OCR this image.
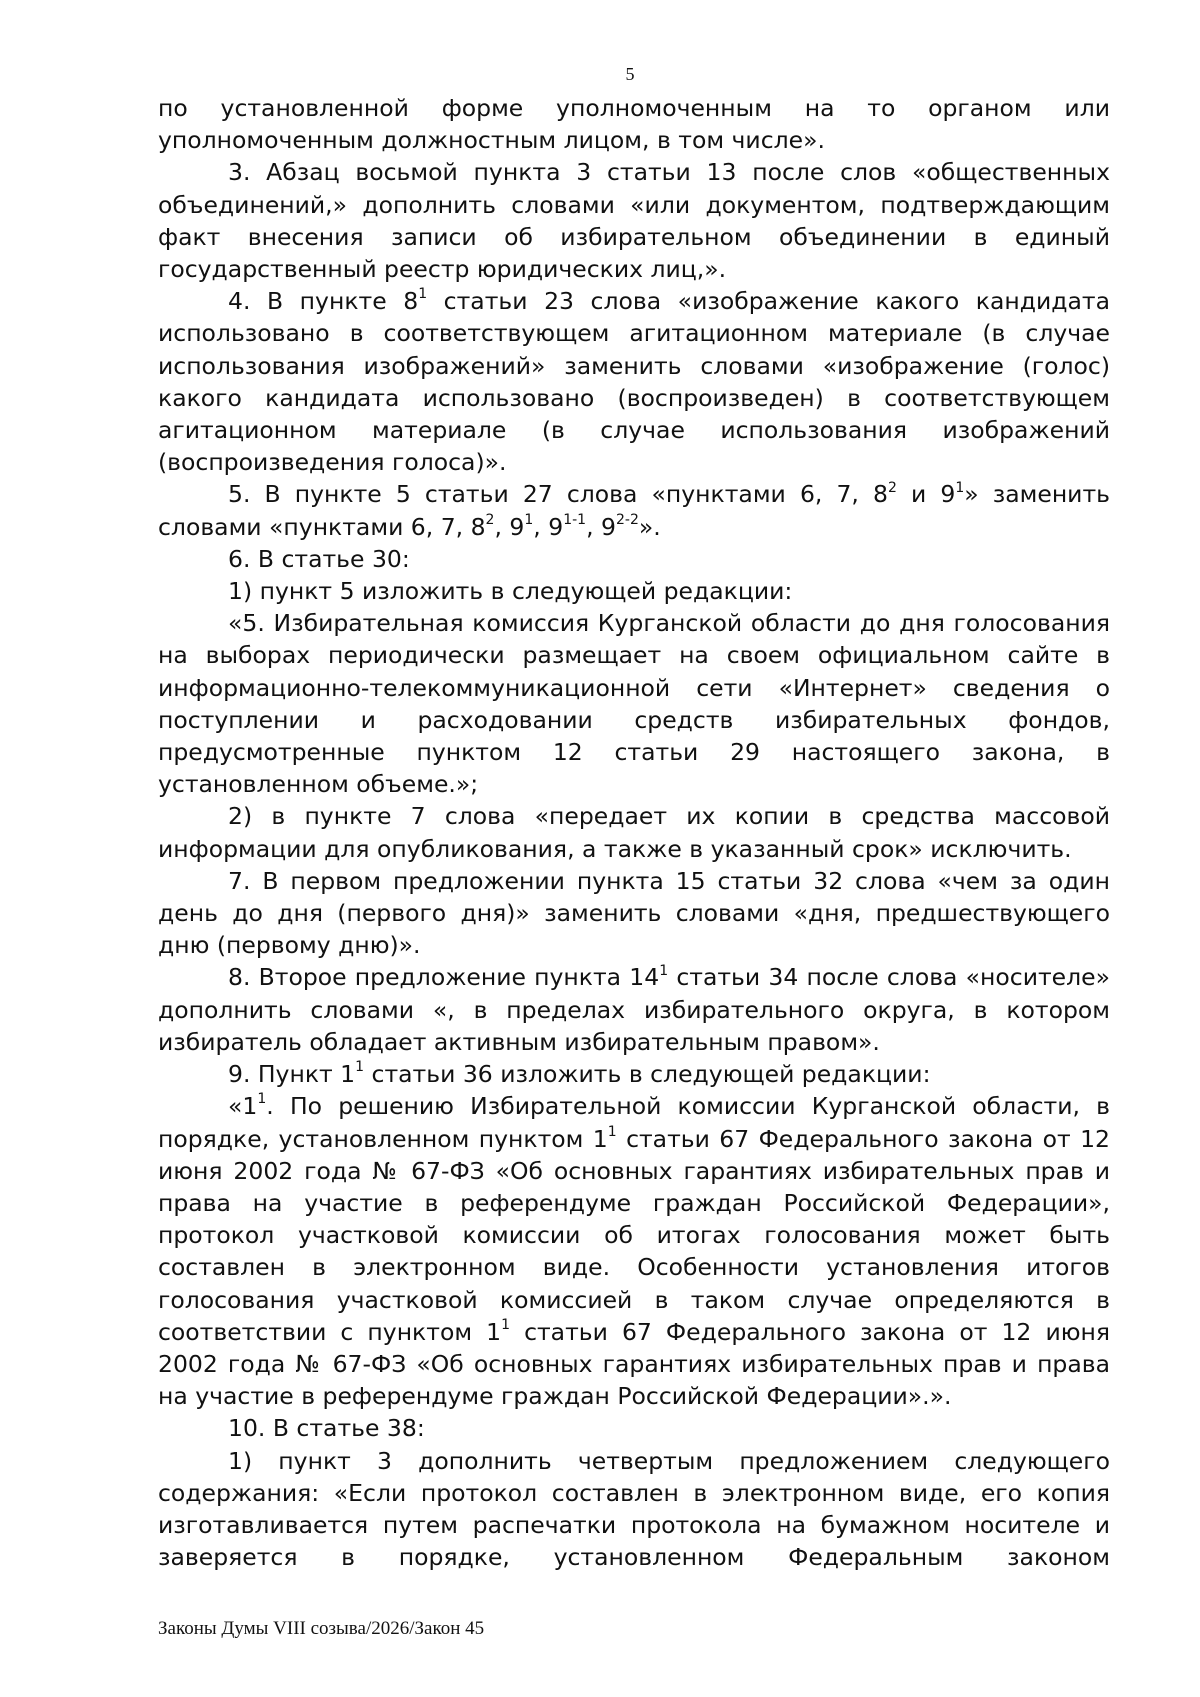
5

по установленной форме уполномоченным на то органом или уполномоченным должностным лицом, в том числе».

3. Абзац восьмой пункта 3 статьи 13 после слов «общественных объединений,» дополнить словами «или документом, подтверждающим факт внесения записи об избирательном объединении в единый государственный реестр юридических лиц,».

4. В пункте $8^1$ статьи 23 слова «изображение какого кандидата использовано в соответствующем агитационном материале (в случае использования изображений» заменить словами «изображение (голос) какого кандидата использовано (воспроизведен) в соответствующем агитационном материале (в случае использования изображений (воспроизведения голоса)».

5. В пункте 5 статьи 27 слова «пунктами 6, 7, $8^2$ и $9^1$» заменить словами «пунктами 6, 7, $8^2$, $9^1$, 9$^{1-1}$, 9$^{2-2}$».

6. В статье 30:

1) пункт 5 изложить в следующей редакции:

«5. Избирательная комиссия Курганской области до дня голосования на выборах периодически размещает на своем официальном сайте в информационно-телекоммуникационной сети «Интернет» сведения о поступлении и расходовании средств избирательных фондов, предусмотренные пунктом 12 статьи 29 настоящего закона, в установленном объеме.»;

2) в пункте 7 слова «передает их копии в средства массовой информации для опубликования, а также в указанный срок» исключить.

7. В первом предложении пункта 15 статьи 32 слова «чем за один день до дня (первого дня)» заменить словами «дня, предшествующего дню (первому дню)».

8. Второе предложение пункта $14^1$ статьи 34 после слова «носителе» дополнить словами «, в пределах избирательного округа, в котором избиратель обладает активным избирательным правом».

9. Пункт $1^1$ статьи 36 изложить в следующей редакции:

«$1^1$. По решению Избирательной комиссии Курганской области, в порядке, установленном пунктом $1^1$ статьи 67 Федерального закона от 12 июня 2002 года № 67-ФЗ «Об основных гарантиях избирательных прав и права на участие в референдуме граждан Российской Федерации», протокол участковой комиссии об итогах голосования может быть составлен в электронном виде. Особенности установления итогов голосования участковой комиссией в таком случае определяются в соответствии с пунктом $1^1$ статьи 67 Федерального закона от 12 июня 2002 года № 67-ФЗ «Об основных гарантиях избирательных прав и права на участие в референдуме граждан Российской Федерации».».

10. В статье 38:

1) пункт 3 дополнить четвертым предложением следующего содержания: «Если протокол составлен в электронном виде, его копия изготавливается путем распечатки протокола на бумажном носителе и заверяется в порядке, установленном Федеральным законом

Законы Думы VIII созыва/2026/Закон 45
